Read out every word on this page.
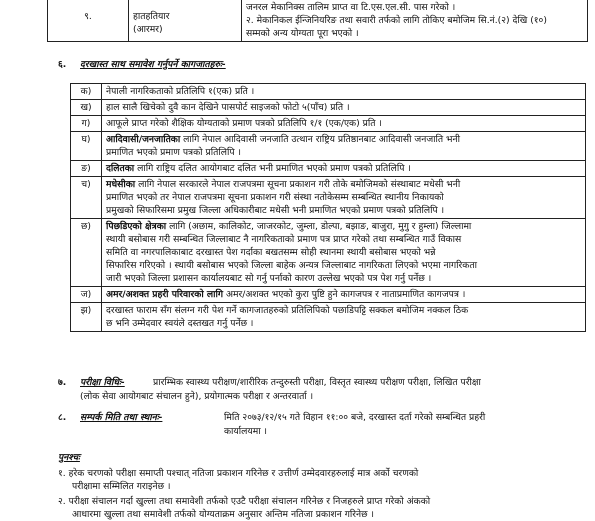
९.	हातहतियार
(आरमर)

जनरल मेकानिक्स तालिम प्राप्त वा टि.एस.एल.सी. पास गरेको ।
२. मेकानिकल ईन्जिनियरिङ तथा सवारी तर्फको लागि तोकिए बमोजिम सि.नं.(२) देखि (१०)
सम्मको अन्य योग्यता पूरा भएको ।
६. दरखास्त साथ समावेश गर्नुपर्ने कागजातहरुः-
क)	नेपाली नागरिकताको प्रतिलिपि १(एक) प्रति ।
ख)	हाल सालै खिचेको दुवै कान देखिने पासपोर्ट साइजको फोटो ५(पाँच) प्रति ।
ग)	आफूले प्राप्त गरेको शैक्षिक योग्यताको प्रमाण पत्रको प्रतिलिपि १/१ (एक/एक) प्रति ।
घ)	आदिवासी/जनजातिका लागि नेपाल आदिवासी जनजाति उत्थान राष्ट्रिय प्रतिष्ठानबाट आदिवासी जनजाति भनी
प्रमाणित भएको प्रमाण पत्रको प्रतिलिपि ।

ङ)	दलितका लागि राष्ट्रिय दलित आयोगबाट दलित भनी प्रमाणित भएको प्रमाण पत्रको प्रतिलिपि ।

च)	मधेसीका लागि नेपाल सरकारले नेपाल राजपत्रमा सूचना प्रकाशन गरी तोके बमोजिमको संस्थाबाट मधेसी भनी
प्रमाणित भएको तर नेपाल राजपत्रमा सूचना प्रकाशन गरी संस्था नतोकेसम्म सम्बन्धित स्थानीय निकायको
प्रमुखको सिफारिसमा प्रमुख जिल्ला अधिकारीबाट मधेसी भनी प्रमाणित भएको प्रमाण पत्रको प्रतिलिपि ।

छ)	पिछडिएको क्षेत्रका लागि (अछाम, कालिकोट, जाजरकोट, जुम्ला, डोल्पा, बझाङ, बाजुरा, मुगु र हुम्ला) जिल्लामा
स्थायी बसोबास गरी सम्बन्धित जिल्लाबाट नै नागरिकताको प्रमाण पत्र प्राप्त गरेको तथा सम्बन्धित गाउँ विकास
समिति वा नगरपालिकाबाट दरखास्त पेश गर्दाका बखतसम्म सोही स्थानमा स्थायी बसोबास भएको भन्ने
सिफारिस गरिएको । स्थायी बसोबास भएको जिल्ला बाहेक अन्यत्र जिल्लाबाट नागरिकता लिएको भएमा नागरिकता
जारी भएको जिल्ला प्रशासन कार्यालयबाट सो गर्नु पर्नाको कारण उल्लेख भएको पत्र पेश गर्नु पर्नेछ ।

ज)	अमर/अशक्त प्रहरी परिवारको लागि अमर/अशक्त भएको कुरा पुष्टि हुने कागजपत्र र नाताप्रमाणित कागजपत्र ।

झ)	दरखास्त फाराम सँग संलग्न गरी पेश गर्ने कागजातहरुको प्रतिलिपिको पछाडिपट्टि सक्कल बमोजिम नक्कल ठिक
छ भनि उम्मेदवार स्वयंले दस्तखत गर्नु पर्नेछ ।
७. परीक्षा विधिः-	प्रारम्भिक स्वास्थ्य परीक्षण/शारीरिक तन्दुरुस्ती परीक्षा, विस्तृत स्वास्थ्य परीक्षण परीक्षा, लिखित परीक्षा
(लोक सेवा आयोगबाट संचालन हुने), प्रयोगात्मक परीक्षा र अन्तरवार्ता ।
८. सम्पर्क मिति तथा स्थानः-	मिति २०७३/१२/१५ गते विहान ११:०० बजे, दरखास्त दर्ता गरेको सम्बन्धित प्रहरी
कार्यालयमा ।
पुनश्चः
१. हरेक चरणको परीक्षा समाप्ती पश्चात् नतिजा प्रकाशन गरिनेछ र उत्तीर्ण उम्मेदवारहरुलाई मात्र अर्को चरणको
परीक्षामा सम्मिलित गराइनेछ ।
२. परीक्षा संचालन गर्दा खुल्ला तथा समावेशी तर्फको एउटै परीक्षा संचालन गरिनेछ र निजहरुले प्राप्त गरेको अंकको
आधारमा खुल्ला तथा समावेशी तर्फको योग्यताक्रम अनुसार अन्तिम नतिजा प्रकाशन गरिनेछ ।
